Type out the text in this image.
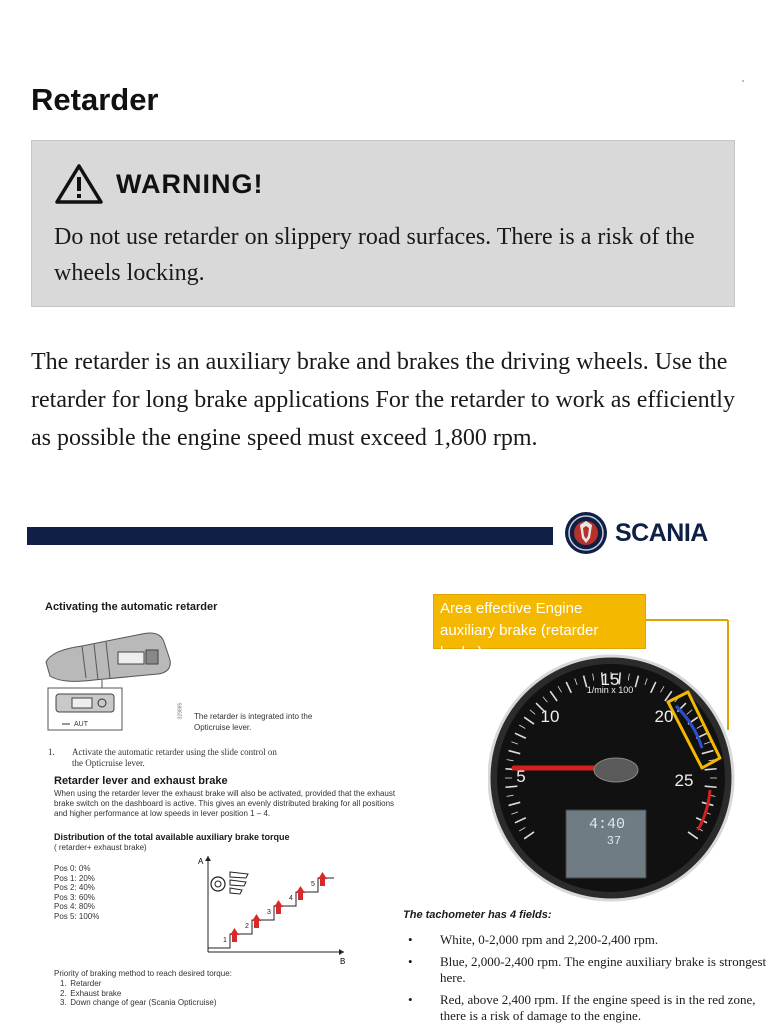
Retarder
WARNING!
Do not use retarder on slippery road surfaces. There is a risk of the wheels locking.
The retarder is an auxiliary brake and brakes the driving wheels. Use the retarder for long brake applications For the retarder to work as efficiently as possible the engine speed must exceed 1,800 rpm.
SCANIA
Activating the automatic retarder
AUT
329885 The retarder is integrated into the Opticruise lever.
1. Activate the automatic retarder using the slide control on
the Opticruise lever.
Retarder lever and exhaust brake
When using the retarder lever the exhaust brake will also be activated, provided that the exhaust brake switch on the dashboard is active. This gives an evenly distributed braking for all positions and higher performance at low speeds in lever position 1 – 4.
Distribution of the total available auxiliary brake torque
( retarder+ exhaust brake)
Pos 0: 0%
Pos 1: 20%
Pos 2: 40%
Pos 3: 60%
Pos 4: 80%
Pos 5: 100%
A
B
1
2
3
4
5
Priority of braking method to reach desired torque:
1. Retarder
2. Exhaust brake
3. Down change of gear (Scania Opticruise)
Area effective Engine auxiliary brake (retarder brake)
1/min x 100
5
10
15
20
25
4:40
37
The tachometer has 4 fields:
• White, 0-2,000 rpm and 2,200-2,400 rpm.
• Blue, 2,000-2,400 rpm. The engine auxiliary brake is strongest here.
• Red, above 2,400 rpm. If the engine speed is in the red zone, there is a risk of damage to the engine.
